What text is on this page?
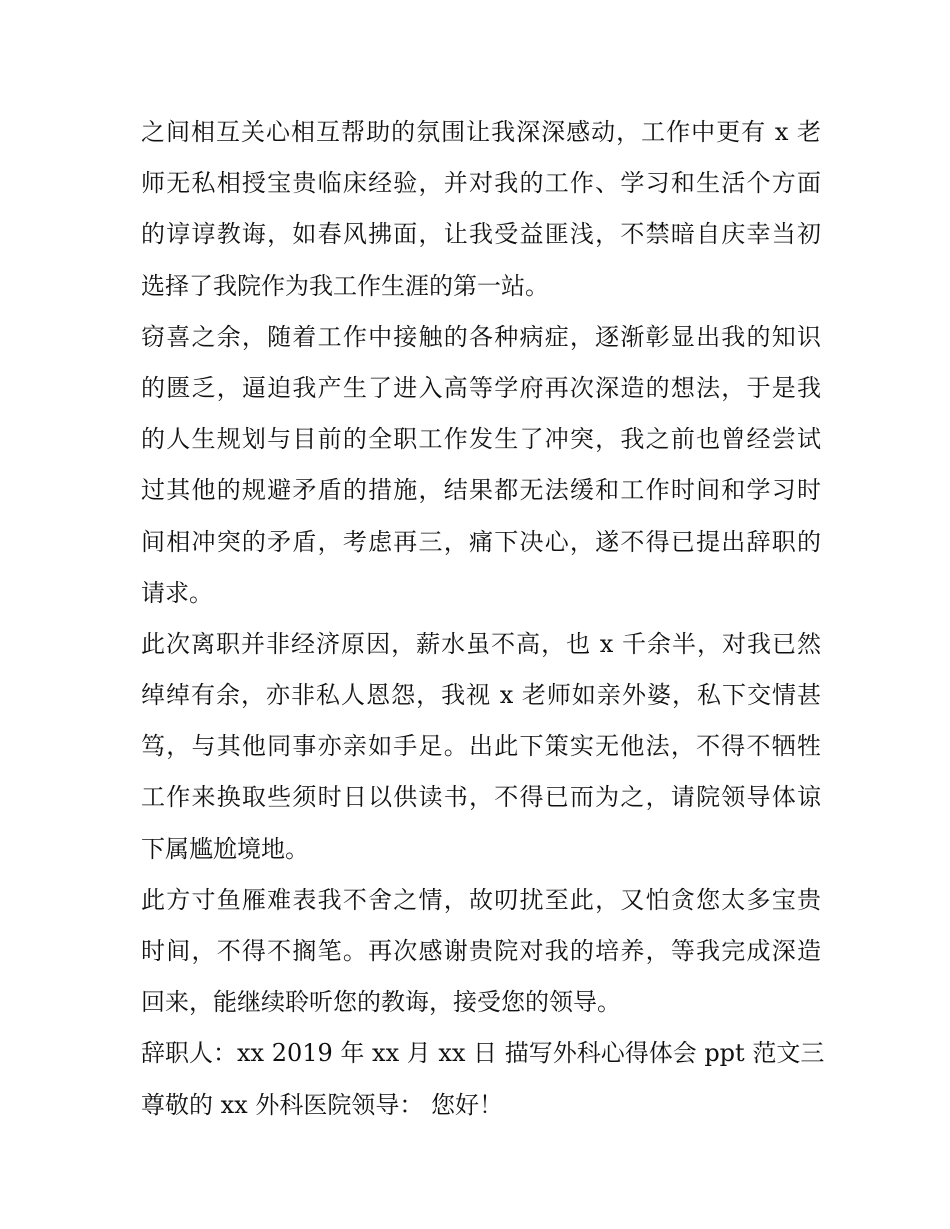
之间相互关心相互帮助的氛围让我深深感动，工作中更有 x 老
师无私相授宝贵临床经验，并对我的工作、学习和生活个方面
的谆谆教诲，如春风拂面，让我受益匪浅，不禁暗自庆幸当初
选择了我院作为我工作生涯的第一站。
窃喜之余，随着工作中接触的各种病症，逐渐彰显出我的知识
的匮乏，逼迫我产生了进入高等学府再次深造的想法，于是我
的人生规划与目前的全职工作发生了冲突，我之前也曾经尝试
过其他的规避矛盾的措施，结果都无法缓和工作时间和学习时
间相冲突的矛盾，考虑再三，痛下决心，遂不得已提出辞职的
请求。
此次离职并非经济原因，薪水虽不高，也 x 千余半，对我已然
绰绰有余，亦非私人恩怨，我视 x 老师如亲外婆，私下交情甚
笃，与其他同事亦亲如手足。出此下策实无他法，不得不牺牲
工作来换取些须时日以供读书，不得已而为之，请院领导体谅
下属尴尬境地。
此方寸鱼雁难表我不舍之情，故叨扰至此，又怕贪您太多宝贵
时间，不得不搁笔。再次感谢贵院对我的培养，等我完成深造
回来，能继续聆听您的教诲，接受您的领导。
辞职人：xx 2019 年 xx 月 xx 日 描写外科心得体会 ppt 范文三
尊敬的 xx 外科医院领导： 您好！
